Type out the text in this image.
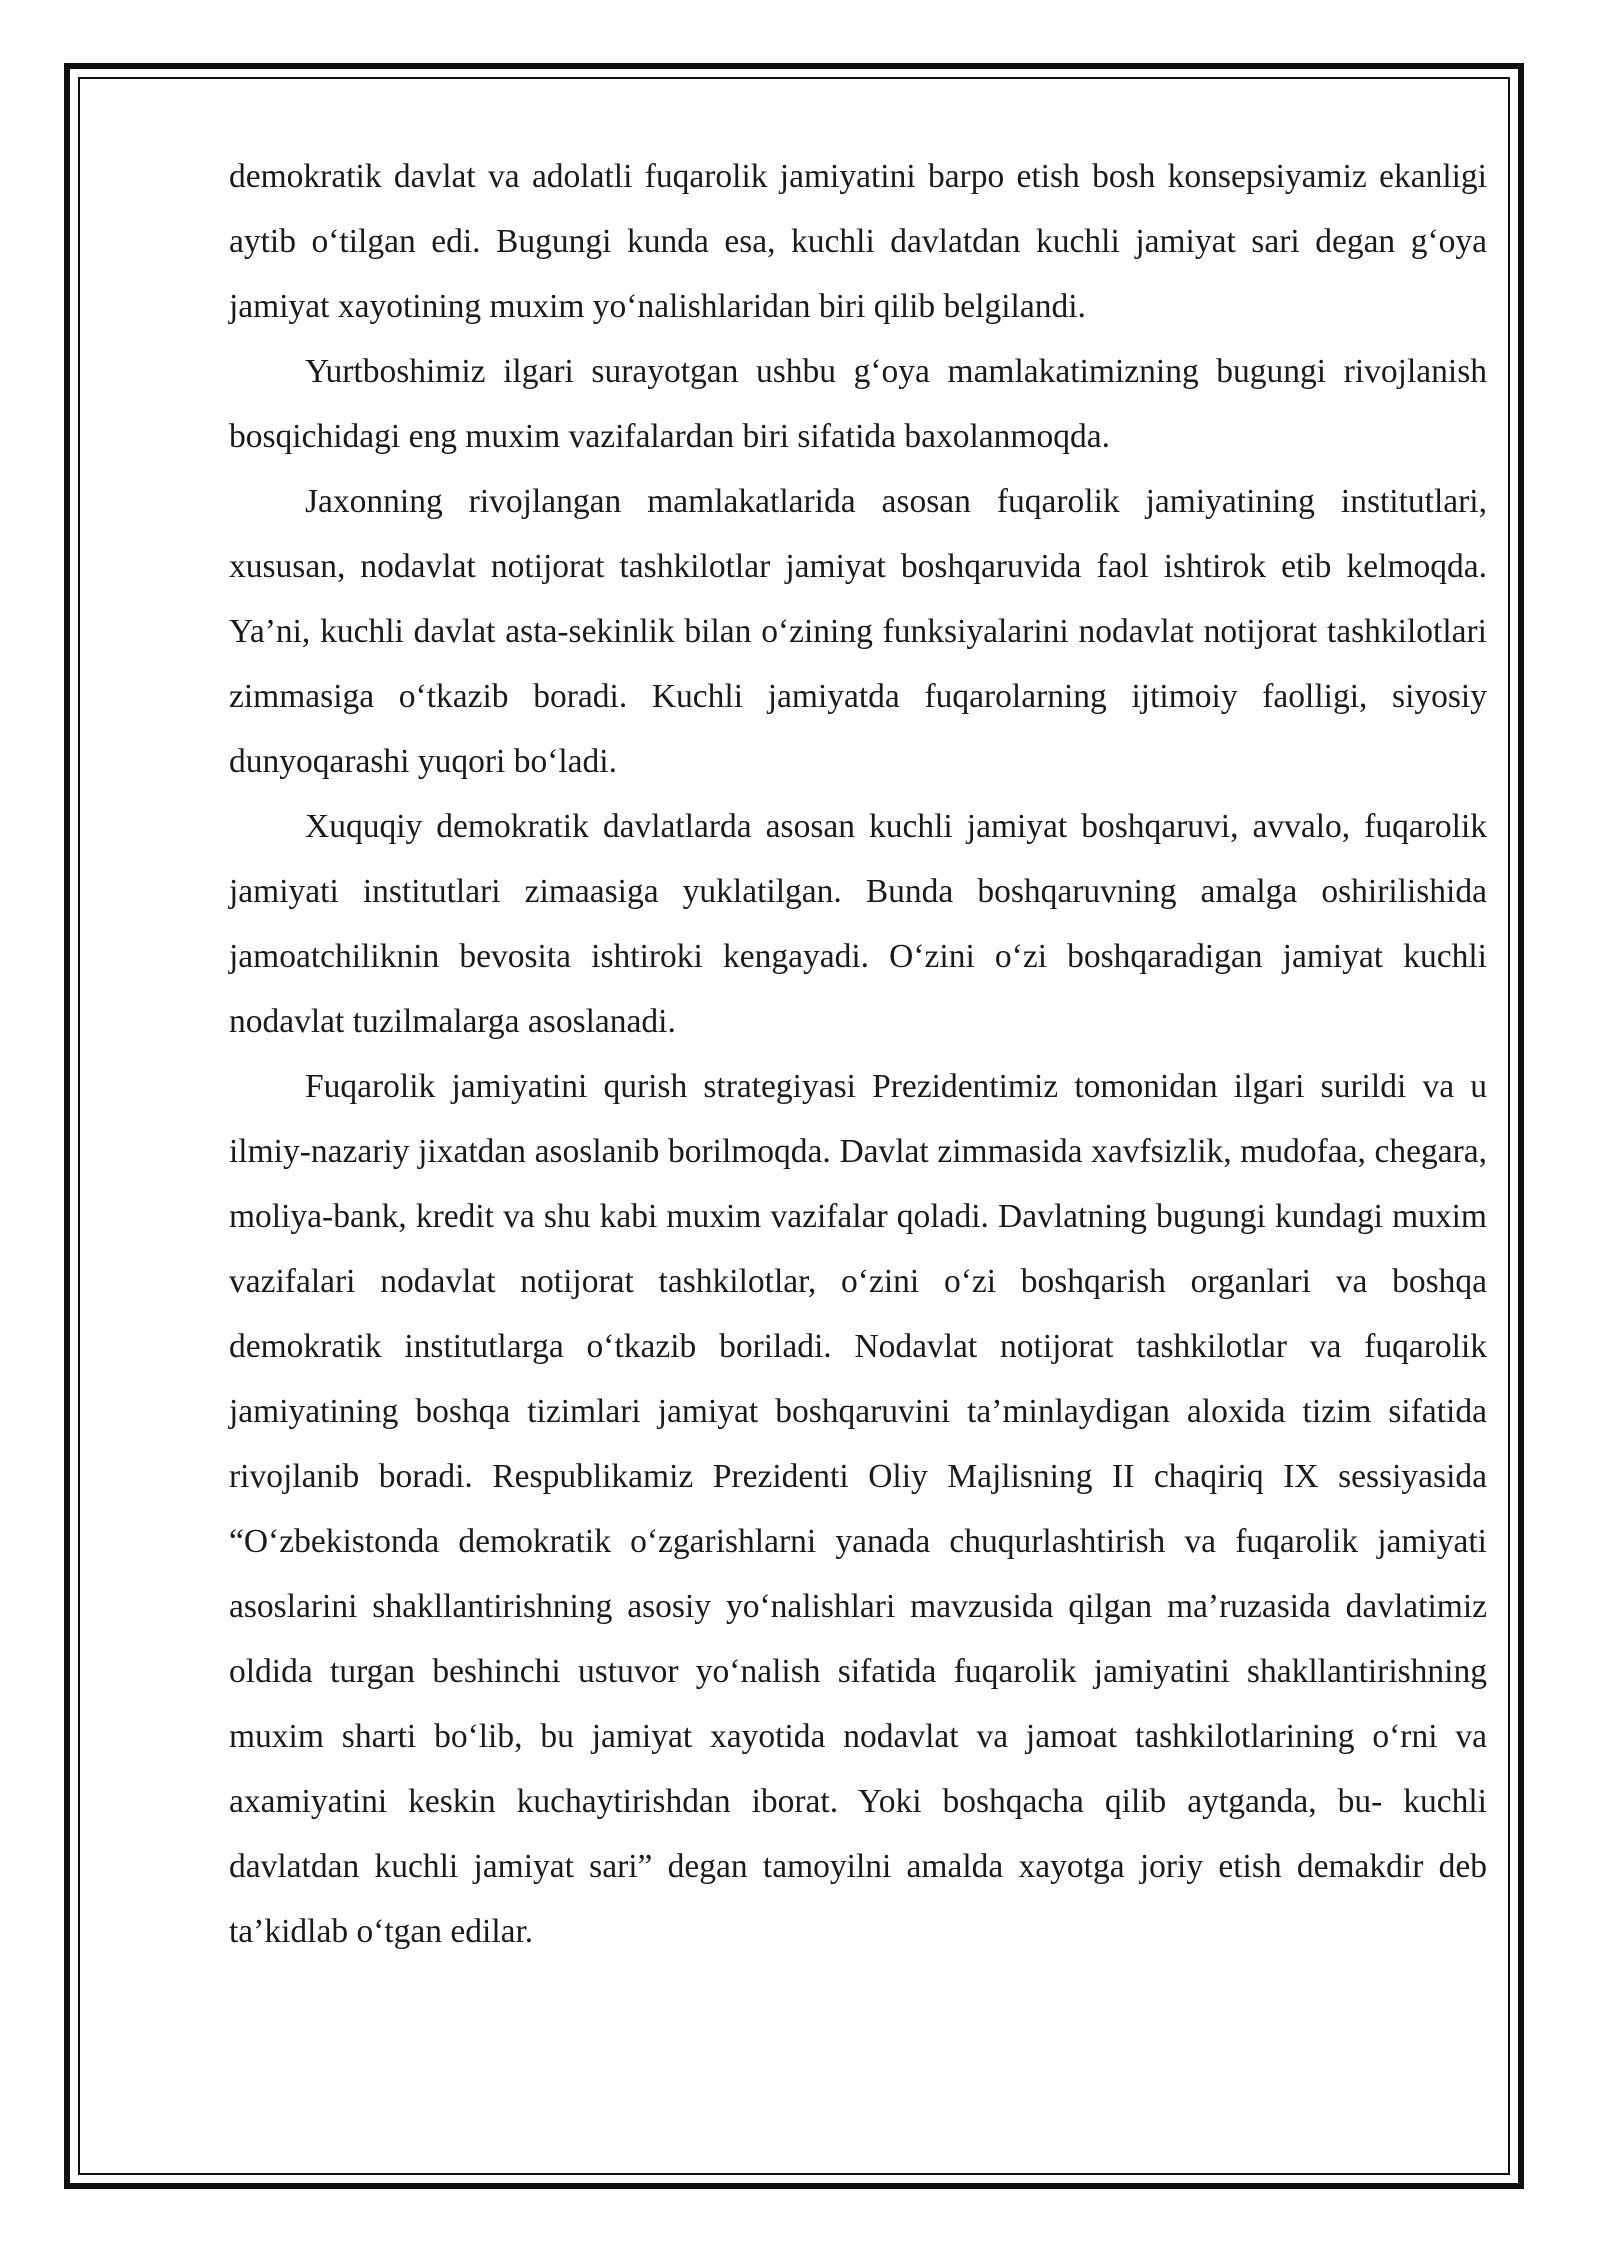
demokratik davlat va adolatli fuqarolik jamiyatini barpo etish bosh konsepsiyamiz ekanligi aytib o‘tilgan edi. Bugungi kunda esa, kuchli davlatdan kuchli jamiyat sari degan g‘oya jamiyat xayotining muxim yo‘nalishlaridan biri qilib belgilandi.

Yurtboshimiz ilgari surayotgan ushbu g‘oya mamlakatimizning bugungi rivojlanish bosqichidagi eng muxim vazifalardan biri sifatida baxolanmoqda.

Jaxonning rivojlangan mamlakatlarida asosan fuqarolik jamiyatining institutlari, xususan, nodavlat notijorat tashkilotlar jamiyat boshqaruvida faol ishtirok etib kelmoqda. Ya’ni, kuchli davlat asta-sekinlik bilan o‘zining funksiyalarini nodavlat notijorat tashkilotlari zimmasiga o‘tkazib boradi. Kuchli jamiyatda fuqarolarning ijtimoiy faolligi, siyosiy dunyoqarashi yuqori bo‘ladi.

Xuquqiy demokratik davlatlarda asosan kuchli jamiyat boshqaruvi, avvalo, fuqarolik jamiyati institutlari zimaasiga yuklatilgan. Bunda boshqaruvning amalga oshirilishida jamoatchiliknin bevosita ishtiroki kengayadi. O‘zini o‘zi boshqaradigan jamiyat kuchli nodavlat tuzilmalarga asoslanadi.

Fuqarolik jamiyatini qurish strategiyasi Prezidentimiz tomonidan ilgari surildi va u ilmiy-nazariy jixatdan asoslanib borilmoqda. Davlat zimmasida xavfsizlik, mudofaa, chegara, moliya-bank, kredit va shu kabi muxim vazifalar qoladi. Davlatning bugungi kundagi muxim vazifalari nodavlat notijorat tashkilotlar, o‘zini o‘zi boshqarish organlari va boshqa demokratik institutlarga o‘tkazib boriladi. Nodavlat notijorat tashkilotlar va fuqarolik jamiyatining boshqa tizimlari jamiyat boshqaruvini ta’minlaydigan aloxida tizim sifatida rivojlanib boradi. Respublikamiz Prezidenti Oliy Majlisning II chaqiriq IX sessiyasida “O‘zbekistonda demokratik o‘zgarishlarni yanada chuqurlashtirish va fuqarolik jamiyati asoslarini shakllantirishning asosiy yo‘nalishlari mavzusida qilgan ma’ruzasida davlatimiz oldida turgan beshinchi ustuvor yo‘nalish sifatida fuqarolik jamiyatini shakllantirishning muxim sharti bo‘lib, bu jamiyat xayotida nodavlat va jamoat tashkilotlarining o‘rni va axamiyatini keskin kuchaytirishdan iborat. Yoki boshqacha qilib aytganda, bu- kuchli davlatdan kuchli jamiyat sari” degan tamoyilni amalda xayotga joriy etish demakdir deb ta’kidlab o‘tgan edilar.
